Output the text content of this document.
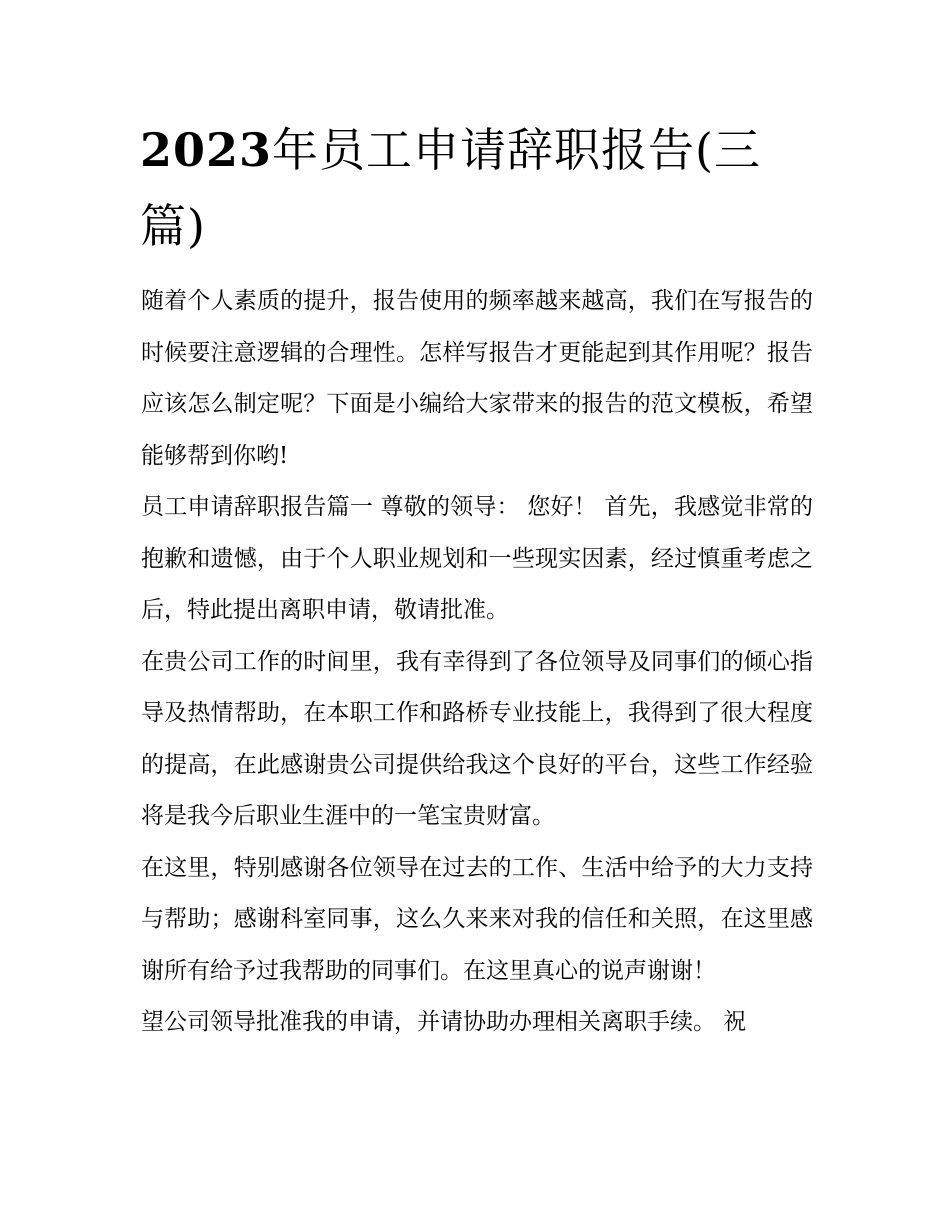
2023年员工申请辞职报告(三篇)

随着个人素质的提升，报告使用的频率越来越高，我们在写报告的时候要注意逻辑的合理性。怎样写报告才更能起到其作用呢？报告应该怎么制定呢？下面是小编给大家带来的报告的范文模板，希望能够帮到你哟!

员工申请辞职报告篇一 尊敬的领导： 您好！ 首先，我感觉非常的抱歉和遗憾，由于个人职业规划和一些现实因素，经过慎重考虑之后，特此提出离职申请，敬请批准。

在贵公司工作的时间里，我有幸得到了各位领导及同事们的倾心指导及热情帮助，在本职工作和路桥专业技能上，我得到了很大程度的提高，在此感谢贵公司提供给我这个良好的平台，这些工作经验将是我今后职业生涯中的一笔宝贵财富。

在这里，特别感谢各位领导在过去的工作、生活中给予的大力支持与帮助；感谢科室同事，这么久来来对我的信任和关照，在这里感谢所有给予过我帮助的同事们。在这里真心的说声谢谢！

望公司领导批准我的申请，并请协助办理相关离职手续。 祝
